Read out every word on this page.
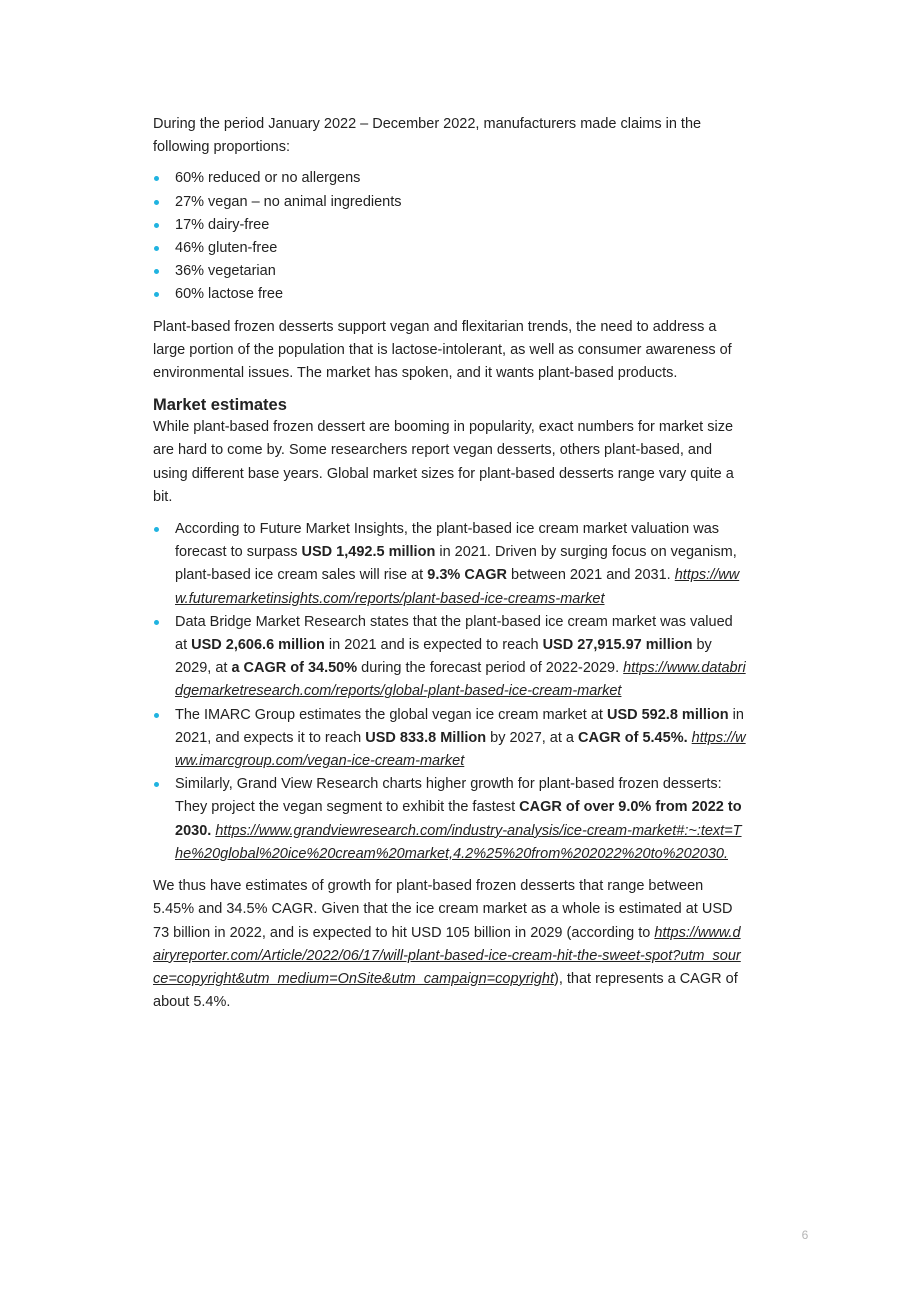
During the period January 2022 – December 2022, manufacturers made claims in the following proportions:

60% reduced or no allergens
27% vegan – no animal ingredients
17% dairy-free
46% gluten-free
36% vegetarian
60% lactose free

Plant-based frozen desserts support vegan and flexitarian trends, the need to address a large portion of the population that is lactose-intolerant, as well as consumer awareness of environmental issues. The market has spoken, and it wants plant-based products.

Market estimates

While plant-based frozen dessert are booming in popularity, exact numbers for market size are hard to come by. Some researchers report vegan desserts, others plant-based, and using different base years. Global market sizes for plant-based desserts range vary quite a bit.

According to Future Market Insights, the plant-based ice cream market valuation was forecast to surpass USD 1,492.5 million in 2021. Driven by surging focus on veganism, plant-based ice cream sales will rise at 9.3% CAGR between 2021 and 2031. https://www.futuremarketinsights.com/reports/plant-based-ice-creams-market
Data Bridge Market Research states that the plant-based ice cream market was valued at USD 2,606.6 million in 2021 and is expected to reach USD 27,915.97 million by 2029, at a CAGR of 34.50% during the forecast period of 2022-2029. https://www.databridgemarketresearch.com/reports/global-plant-based-ice-cream-market
The IMARC Group estimates the global vegan ice cream market at USD 592.8 million in 2021, and expects it to reach USD 833.8 Million by 2027, at a CAGR of 5.45%. https://www.imarcgroup.com/vegan-ice-cream-market
Similarly, Grand View Research charts higher growth for plant-based frozen desserts: They project the vegan segment to exhibit the fastest CAGR of over 9.0% from 2022 to 2030. https://www.grandviewresearch.com/industry-analysis/ice-cream-market#:~:text=The%20global%20ice%20cream%20market,4.2%25%20from%202022%20to%202030.

We thus have estimates of growth for plant-based frozen desserts that range between 5.45% and 34.5% CAGR. Given that the ice cream market as a whole is estimated at USD 73 billion in 2022, and is expected to hit USD 105 billion in 2029 (according to https://www.dairyreporter.com/Article/2022/06/17/will-plant-based-ice-cream-hit-the-sweet-spot?utm_source=copyright&utm_medium=OnSite&utm_campaign=copyright), that represents a CAGR of about 5.4%.

6
